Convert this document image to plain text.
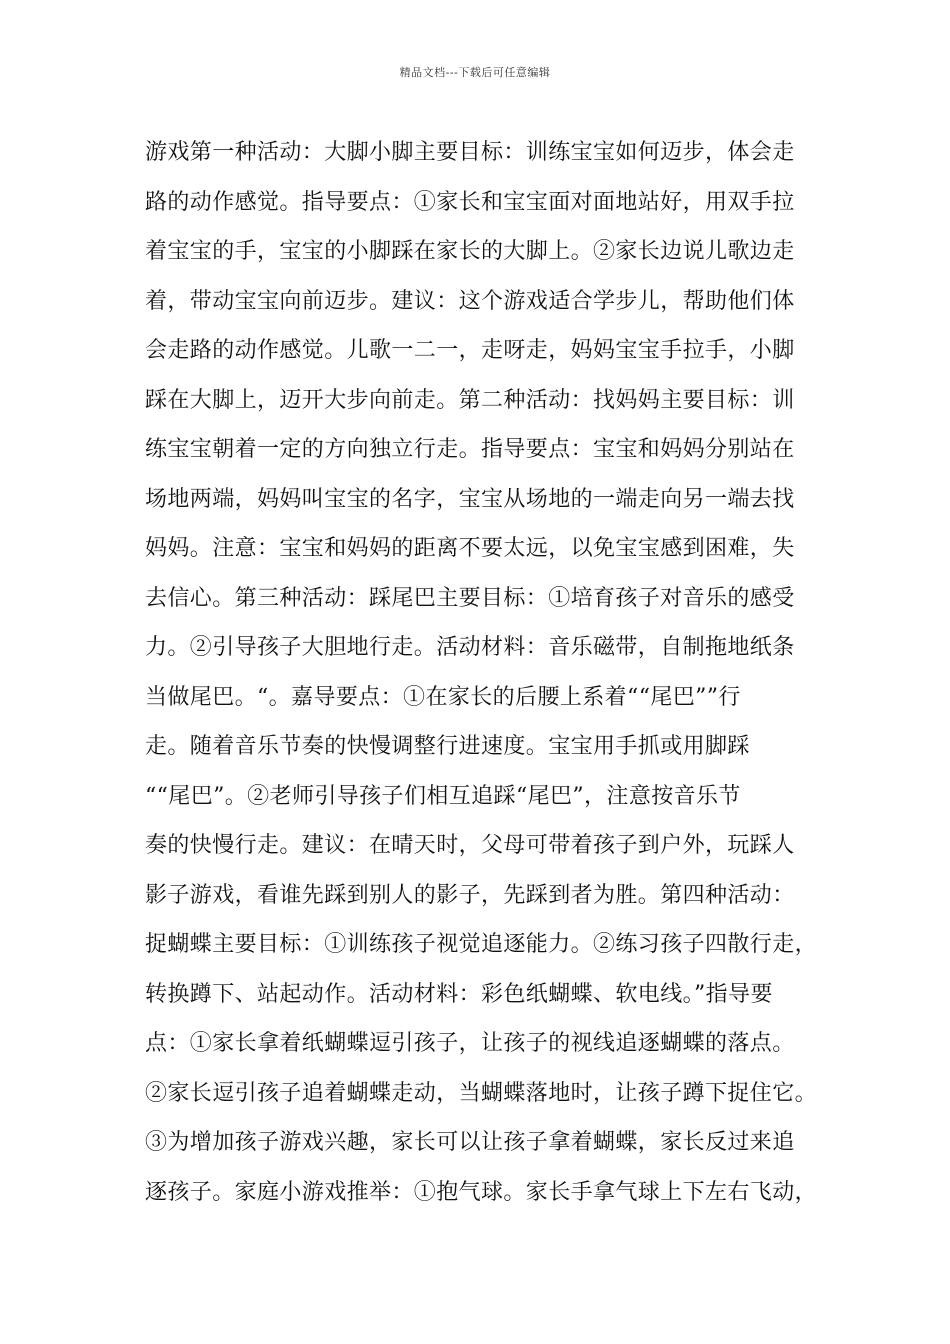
精品文档---下载后可任意编辑
游戏第一种活动：大脚小脚主要目标：训练宝宝如何迈步，体会走
路的动作感觉。指导要点：①家长和宝宝面对面地站好，用双手拉
着宝宝的手，宝宝的小脚踩在家长的大脚上。②家长边说儿歌边走
着，带动宝宝向前迈步。建议：这个游戏适合学步儿，帮助他们体
会走路的动作感觉。儿歌一二一，走呀走，妈妈宝宝手拉手，小脚
踩在大脚上，迈开大步向前走。第二种活动：找妈妈主要目标：训
练宝宝朝着一定的方向独立行走。指导要点：宝宝和妈妈分别站在
场地两端，妈妈叫宝宝的名字，宝宝从场地的一端走向另一端去找
妈妈。注意：宝宝和妈妈的距离不要太远，以免宝宝感到困难，失
去信心。第三种活动：踩尾巴主要目标：①培育孩子对音乐的感受
力。②引导孩子大胆地行走。活动材料：音乐磁带，自制拖地纸条
当做尾巴。“。嘉导要点：①在家长的后腰上系着““尾巴””行
走。随着音乐节奏的快慢调整行进速度。宝宝用手抓或用脚踩
““尾巴”。②老师引导孩子们相互追踩“尾巴”，注意按音乐节
奏的快慢行走。建议：在晴天时，父母可带着孩子到户外，玩踩人
影子游戏，看谁先踩到别人的影子，先踩到者为胜。第四种活动：
捉蝴蝶主要目标：①训练孩子视觉追逐能力。②练习孩子四散行走，
转换蹲下、站起动作。活动材料：彩色纸蝴蝶、软电线。”指导要
点：①家长拿着纸蝴蝶逗引孩子，让孩子的视线追逐蝴蝶的落点。
②家长逗引孩子追着蝴蝶走动，当蝴蝶落地时，让孩子蹲下捉住它。
③为增加孩子游戏兴趣，家长可以让孩子拿着蝴蝶，家长反过来追
逐孩子。家庭小游戏推举：①抱气球。家长手拿气球上下左右飞动，
